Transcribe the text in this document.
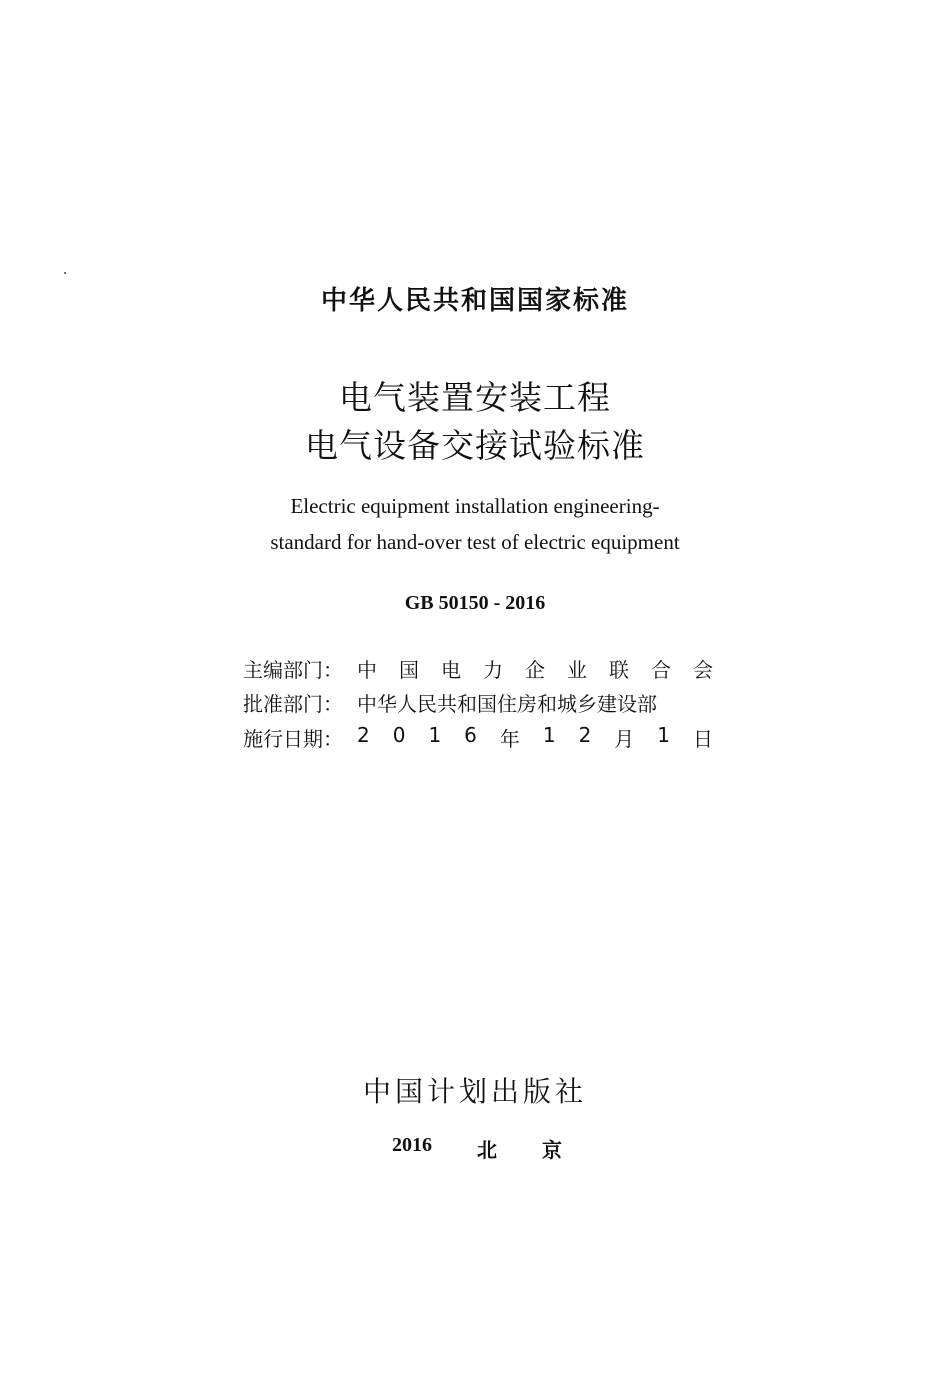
中华人民共和国国家标准
电气装置安装工程
电气设备交接试验标准
Electric equipment installation engineering-
standard for hand-over test of electric equipment
GB 50150 - 2016
主编部门： 中 国 电 力 企 业 联 合 会
批准部门： 中华人民共和国住房和城乡建设部
施行日期： 2 0 1 6 年 1 2 月 1 日
中国计划出版社
2016 北 京
